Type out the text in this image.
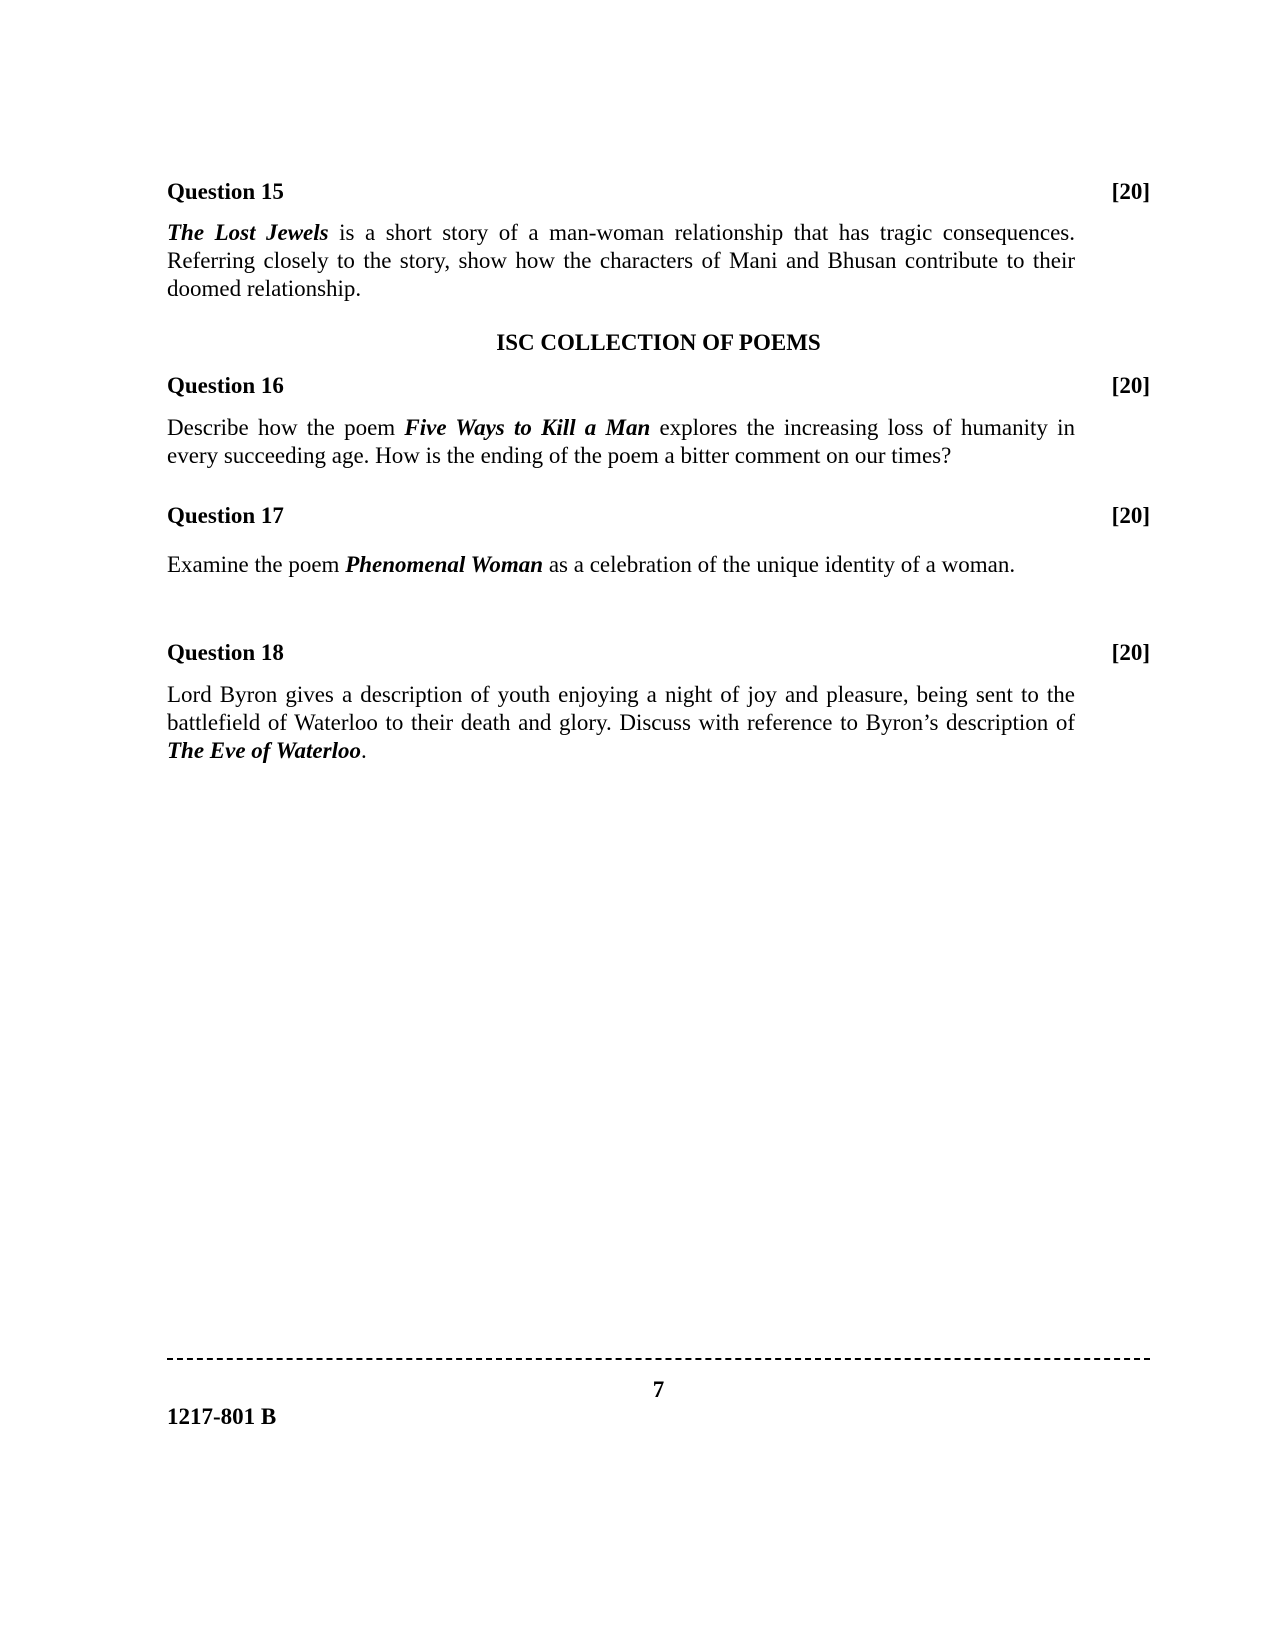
Question 15	[20]
The Lost Jewels is a short story of a man-woman relationship that has tragic consequences. Referring closely to the story, show how the characters of Mani and Bhusan contribute to their doomed relationship.
ISC COLLECTION OF POEMS
Question 16	[20]
Describe how the poem Five Ways to Kill a Man explores the increasing loss of humanity in every succeeding age. How is the ending of the poem a bitter comment on our times?
Question 17	[20]
Examine the poem Phenomenal Woman as a celebration of the unique identity of a woman.
Question 18	[20]
Lord Byron gives a description of youth enjoying a night of joy and pleasure, being sent to the battlefield of Waterloo to their death and glory. Discuss with reference to Byron’s description of The Eve of Waterloo.
7
1217-801 B
